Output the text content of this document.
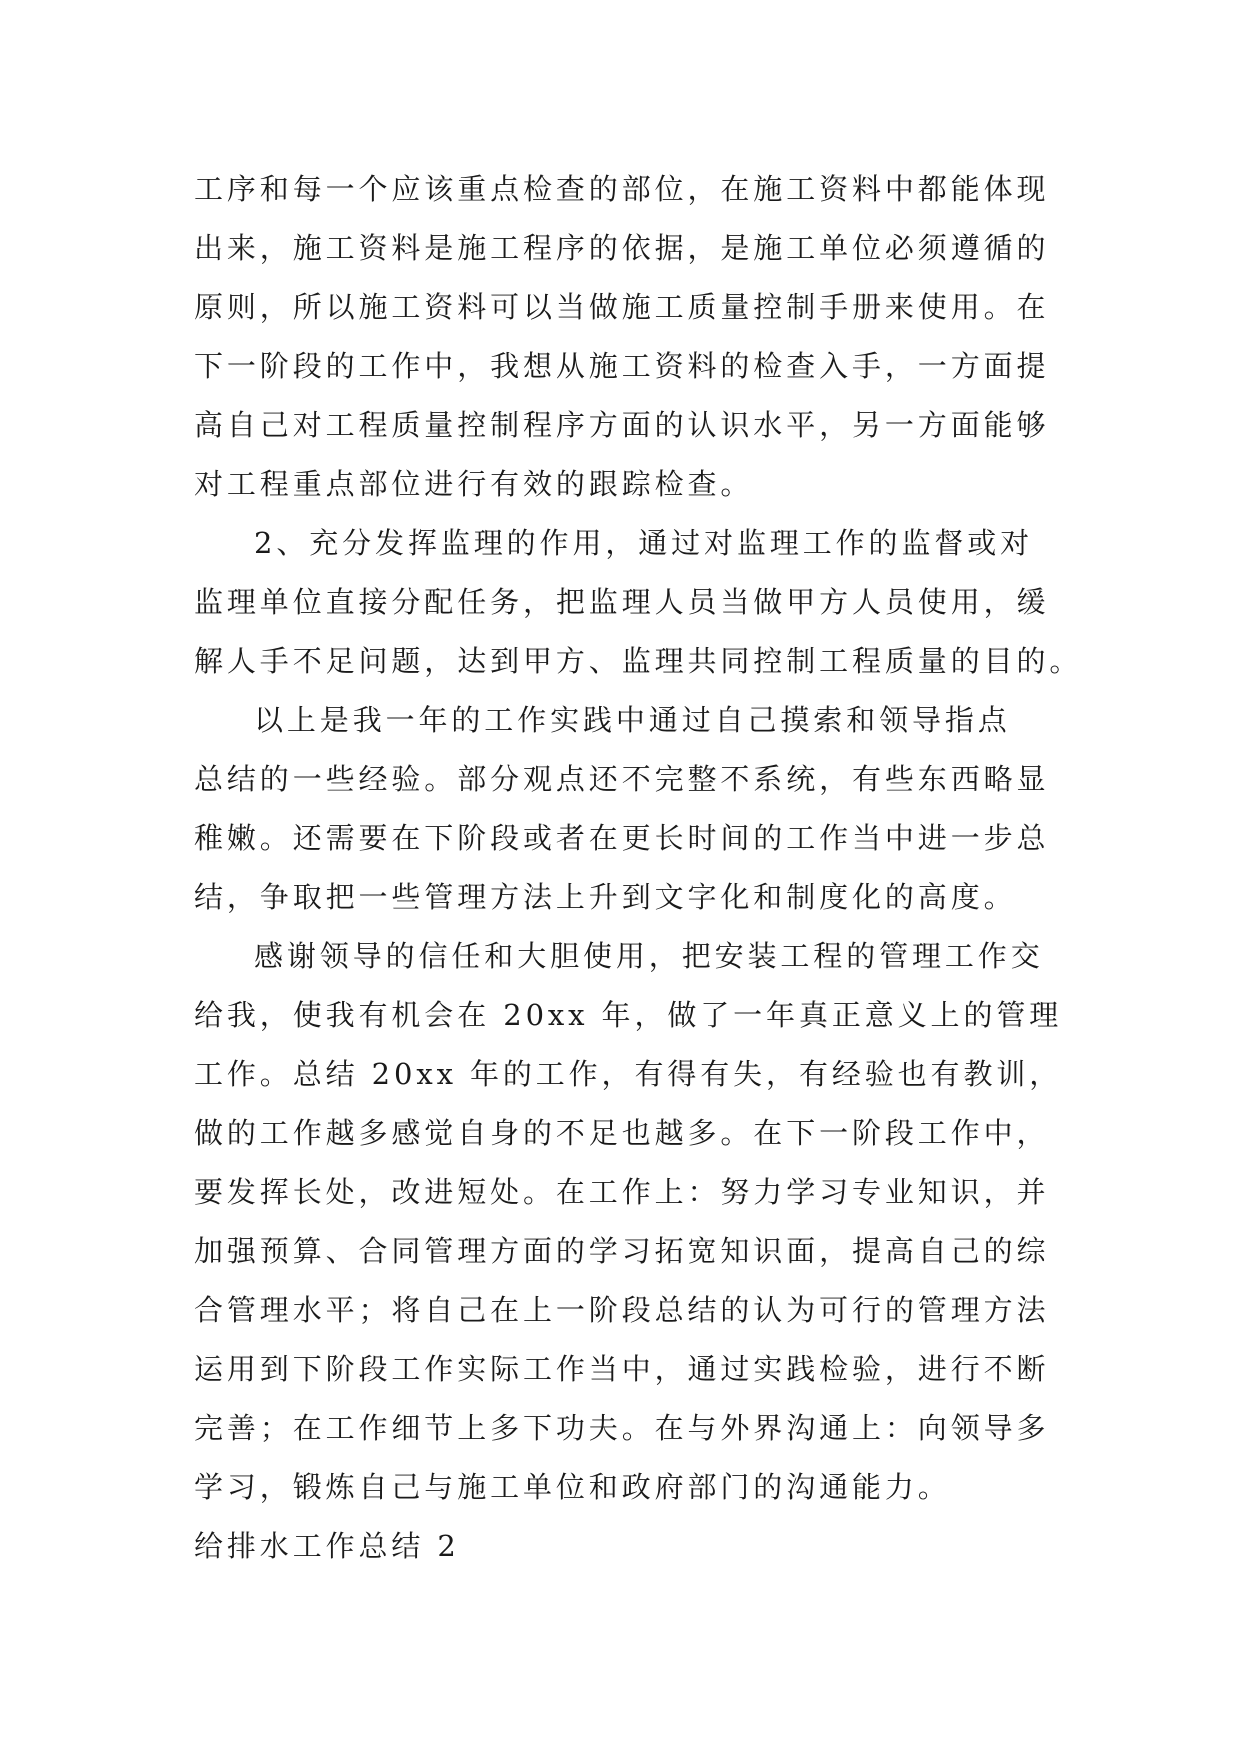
工序和每一个应该重点检查的部位，在施工资料中都能体现
出来，施工资料是施工程序的依据，是施工单位必须遵循的
原则，所以施工资料可以当做施工质量控制手册来使用。在
下一阶段的工作中，我想从施工资料的检查入手，一方面提
高自己对工程质量控制程序方面的认识水平，另一方面能够
对工程重点部位进行有效的跟踪检查。
2、充分发挥监理的作用，通过对监理工作的监督或对
监理单位直接分配任务，把监理人员当做甲方人员使用，缓
解人手不足问题，达到甲方、监理共同控制工程质量的目的。
以上是我一年的工作实践中通过自己摸索和领导指点
总结的一些经验。部分观点还不完整不系统，有些东西略显
稚嫩。还需要在下阶段或者在更长时间的工作当中进一步总
结，争取把一些管理方法上升到文字化和制度化的高度。
感谢领导的信任和大胆使用，把安装工程的管理工作交
给我，使我有机会在 20xx 年，做了一年真正意义上的管理
工作。总结 20xx 年的工作，有得有失，有经验也有教训，
做的工作越多感觉自身的不足也越多。在下一阶段工作中，
要发挥长处，改进短处。在工作上：努力学习专业知识，并
加强预算、合同管理方面的学习拓宽知识面，提高自己的综
合管理水平；将自己在上一阶段总结的认为可行的管理方法
运用到下阶段工作实际工作当中，通过实践检验，进行不断
完善；在工作细节上多下功夫。在与外界沟通上：向领导多
学习，锻炼自己与施工单位和政府部门的沟通能力。
给排水工作总结 2
